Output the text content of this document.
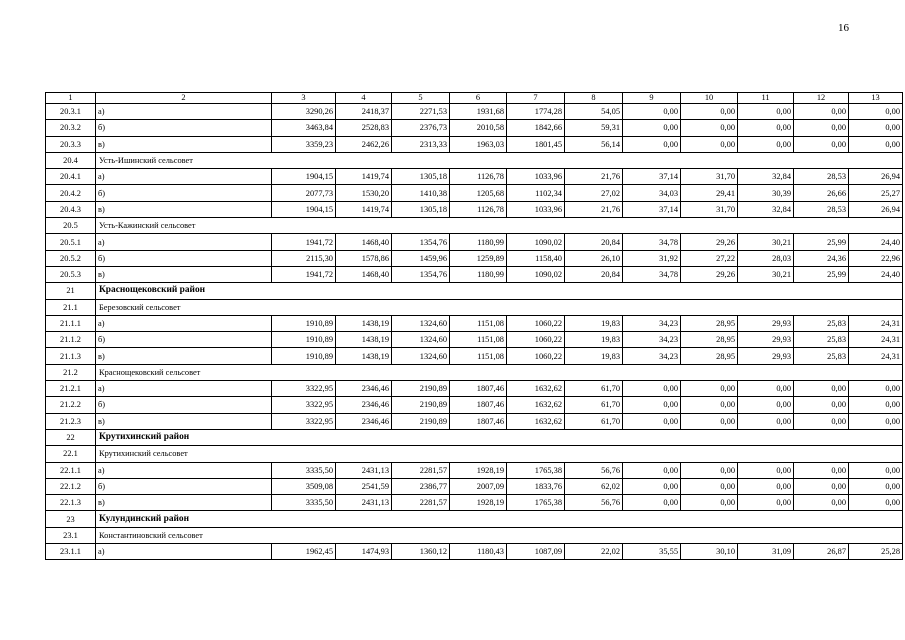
16
1	2	3	4	5	6	7	8	9	10	11	12	13
20.3.1	а)	3290,26	2418,37	2271,53	1931,68	1774,28	54,05	0,00	0,00	0,00	0,00	0,00
20.3.2	б)	3463,84	2528,83	2376,73	2010,58	1842,66	59,31	0,00	0,00	0,00	0,00	0,00
20.3.3	в)	3359,23	2462,26	2313,33	1963,03	1801,45	56,14	0,00	0,00	0,00	0,00	0,00
20.4	Усть-Ишинский сельсовет											
20.4.1	а)	1904,15	1419,74	1305,18	1126,78	1033,96	21,76	37,14	31,70	32,84	28,53	26,94
20.4.2	б)	2077,73	1530,20	1410,38	1205,68	1102,34	27,02	34,03	29,41	30,39	26,66	25,27
20.4.3	в)	1904,15	1419,74	1305,18	1126,78	1033,96	21,76	37,14	31,70	32,84	28,53	26,94
20.5	Усть-Кажинский сельсовет											
20.5.1	а)	1941,72	1468,40	1354,76	1180,99	1090,02	20,84	34,78	29,26	30,21	25,99	24,40
20.5.2	б)	2115,30	1578,86	1459,96	1259,89	1158,40	26,10	31,92	27,22	28,03	24,36	22,96
20.5.3	в)	1941,72	1468,40	1354,76	1180,99	1090,02	20,84	34,78	29,26	30,21	25,99	24,40
21	Краснощековский район											
21.1	Березовский сельсовет											
21.1.1	а)	1910,89	1438,19	1324,60	1151,08	1060,22	19,83	34,23	28,95	29,93	25,83	24,31
21.1.2	б)	1910,89	1438,19	1324,60	1151,08	1060,22	19,83	34,23	28,95	29,93	25,83	24,31
21.1.3	в)	1910,89	1438,19	1324,60	1151,08	1060,22	19,83	34,23	28,95	29,93	25,83	24,31
21.2	Краснощековский сельсовет											
21.2.1	а)	3322,95	2346,46	2190,89	1807,46	1632,62	61,70	0,00	0,00	0,00	0,00	0,00
21.2.2	б)	3322,95	2346,46	2190,89	1807,46	1632,62	61,70	0,00	0,00	0,00	0,00	0,00
21.2.3	в)	3322,95	2346,46	2190,89	1807,46	1632,62	61,70	0,00	0,00	0,00	0,00	0,00
22	Крутихинский район											
22.1	Крутихинский сельсовет											
22.1.1	а)	3335,50	2431,13	2281,57	1928,19	1765,38	56,76	0,00	0,00	0,00	0,00	0,00
22.1.2	б)	3509,08	2541,59	2386,77	2007,09	1833,76	62,02	0,00	0,00	0,00	0,00	0,00
22.1.3	в)	3335,50	2431,13	2281,57	1928,19	1765,38	56,76	0,00	0,00	0,00	0,00	0,00
23	Кулундинский район											
23.1	Константиновский сельсовет											
23.1.1	а)	1962,45	1474,93	1360,12	1180,43	1087,09	22,02	35,55	30,10	31,09	26,87	25,28
